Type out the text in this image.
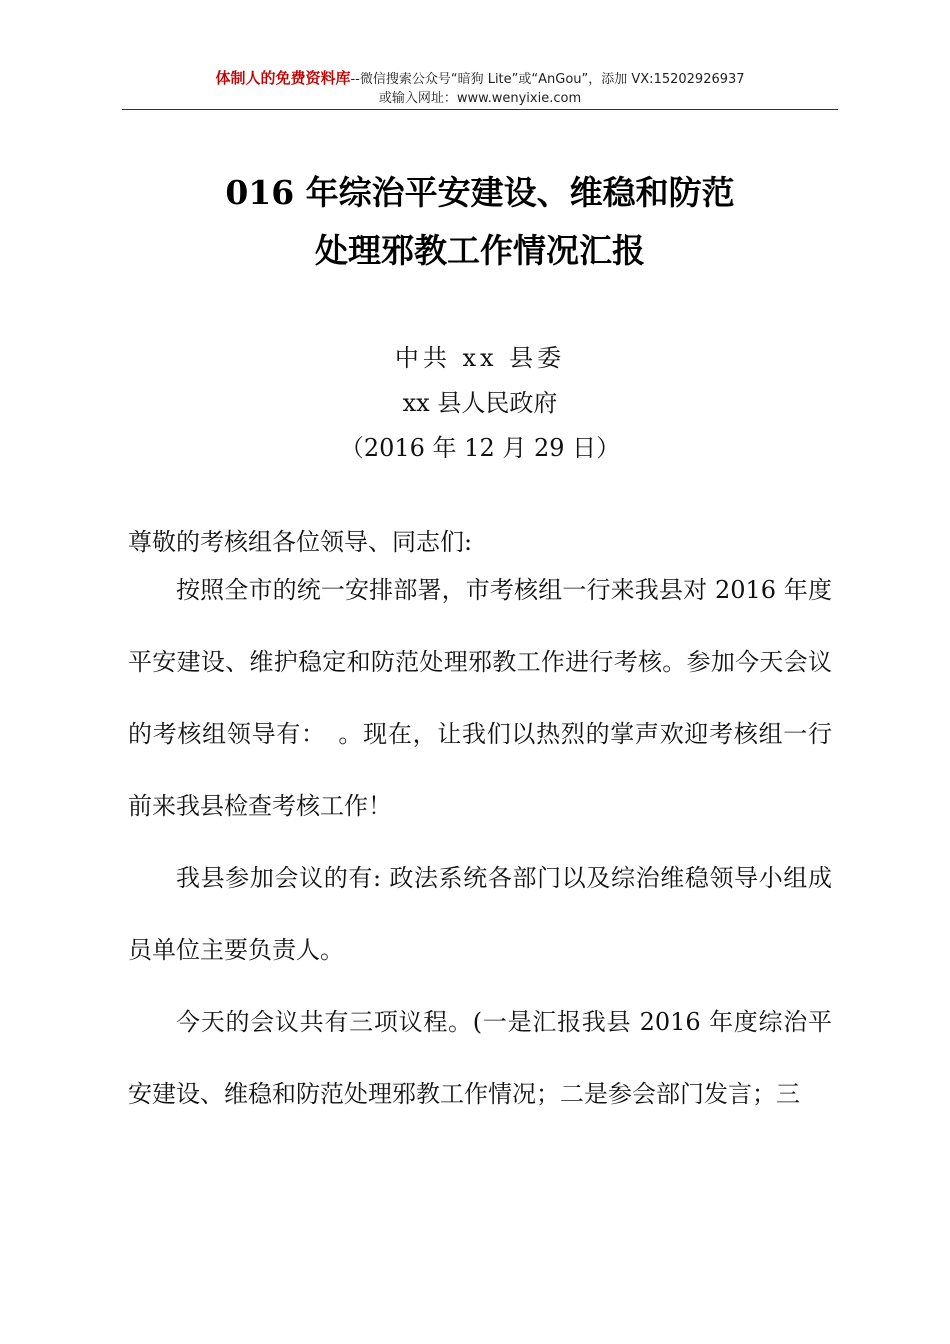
体制人的免费资料库--微信搜索公众号“暗狗 Lite”或“AnGou”，添加 VX:15202926937
或输入网址：www.wenyixie.com
016 年综治平安建设、维稳和防范
处理邪教工作情况汇报
中共 xx 县委
xx 县人民政府
（2016 年 12 月 29 日）

尊敬的考核组各位领导、同志们:

按照全市的统一安排部署，市考核组一行来我县对 2016 年度平安建设、维护稳定和防范处理邪教工作进行考核。参加今天会议的考核组领导有：　。现在，让我们以热烈的掌声欢迎考核组一行前来我县检查考核工作！

我县参加会议的有: 政法系统各部门以及综治维稳领导小组成员单位主要负责人。

今天的会议共有三项议程。(一是汇报我县 2016 年度综治平安建设、维稳和防范处理邪教工作情况；二是参会部门发言；三
